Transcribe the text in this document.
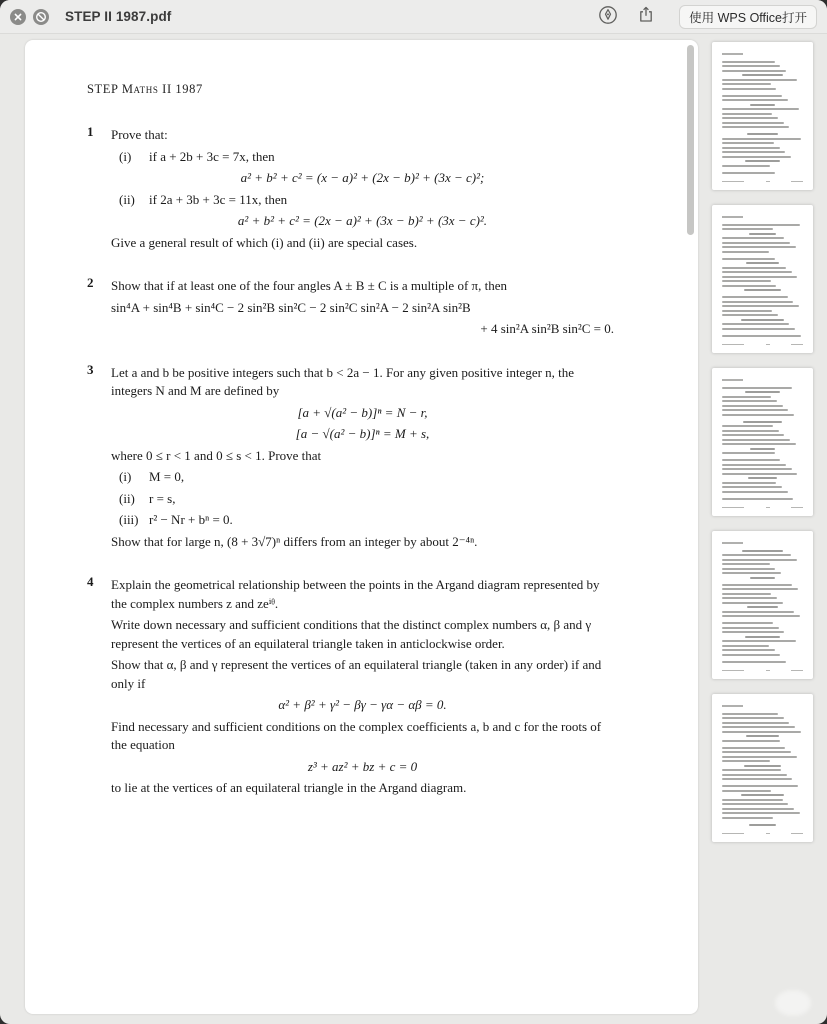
STEP II 1987.pdf	使用 WPS Office打开
STEP Maths II 1987
1	Prove that:
(i)	if a + 2b + 3c = 7x, then
a² + b² + c² = (x − a)² + (2x − b)² + (3x − c)²;
(ii)	if 2a + 3b + 3c = 11x, then
a² + b² + c² = (2x − a)² + (3x − b)² + (3x − c)².
Give a general result of which (i) and (ii) are special cases.
2	Show that if at least one of the four angles A ± B ± C is a multiple of π, then
sin⁴A + sin⁴B + sin⁴C − 2 sin²B sin²C − 2 sin²C sin²A − 2 sin²A sin²B
+ 4 sin²A sin²B sin²C = 0.
3	Let a and b be positive integers such that b < 2a − 1. For any given positive integer n, the integers N and M are defined by
[a + √(a² − b)]ⁿ = N − r,
[a − √(a² − b)]ⁿ = M + s,
where 0 ≤ r < 1 and 0 ≤ s < 1. Prove that
(i)	M = 0,
(ii)	r = s,
(iii) r² − Nr + bⁿ = 0.
Show that for large n, (8 + 3√7)ⁿ differs from an integer by about 2⁻⁴ⁿ.
4	Explain the geometrical relationship between the points in the Argand diagram represented by the complex numbers z and zeⁱᶿ.
Write down necessary and sufficient conditions that the distinct complex numbers α, β and γ represent the vertices of an equilateral triangle taken in anticlockwise order.
Show that α, β and γ represent the vertices of an equilateral triangle (taken in any order) if and only if
α² + β² + γ² − βγ − γα − αβ = 0.
Find necessary and sufficient conditions on the complex coefficients a, b and c for the roots of the equation
z³ + az² + bz + c = 0
to lie at the vertices of an equilateral triangle in the Argand diagram.
